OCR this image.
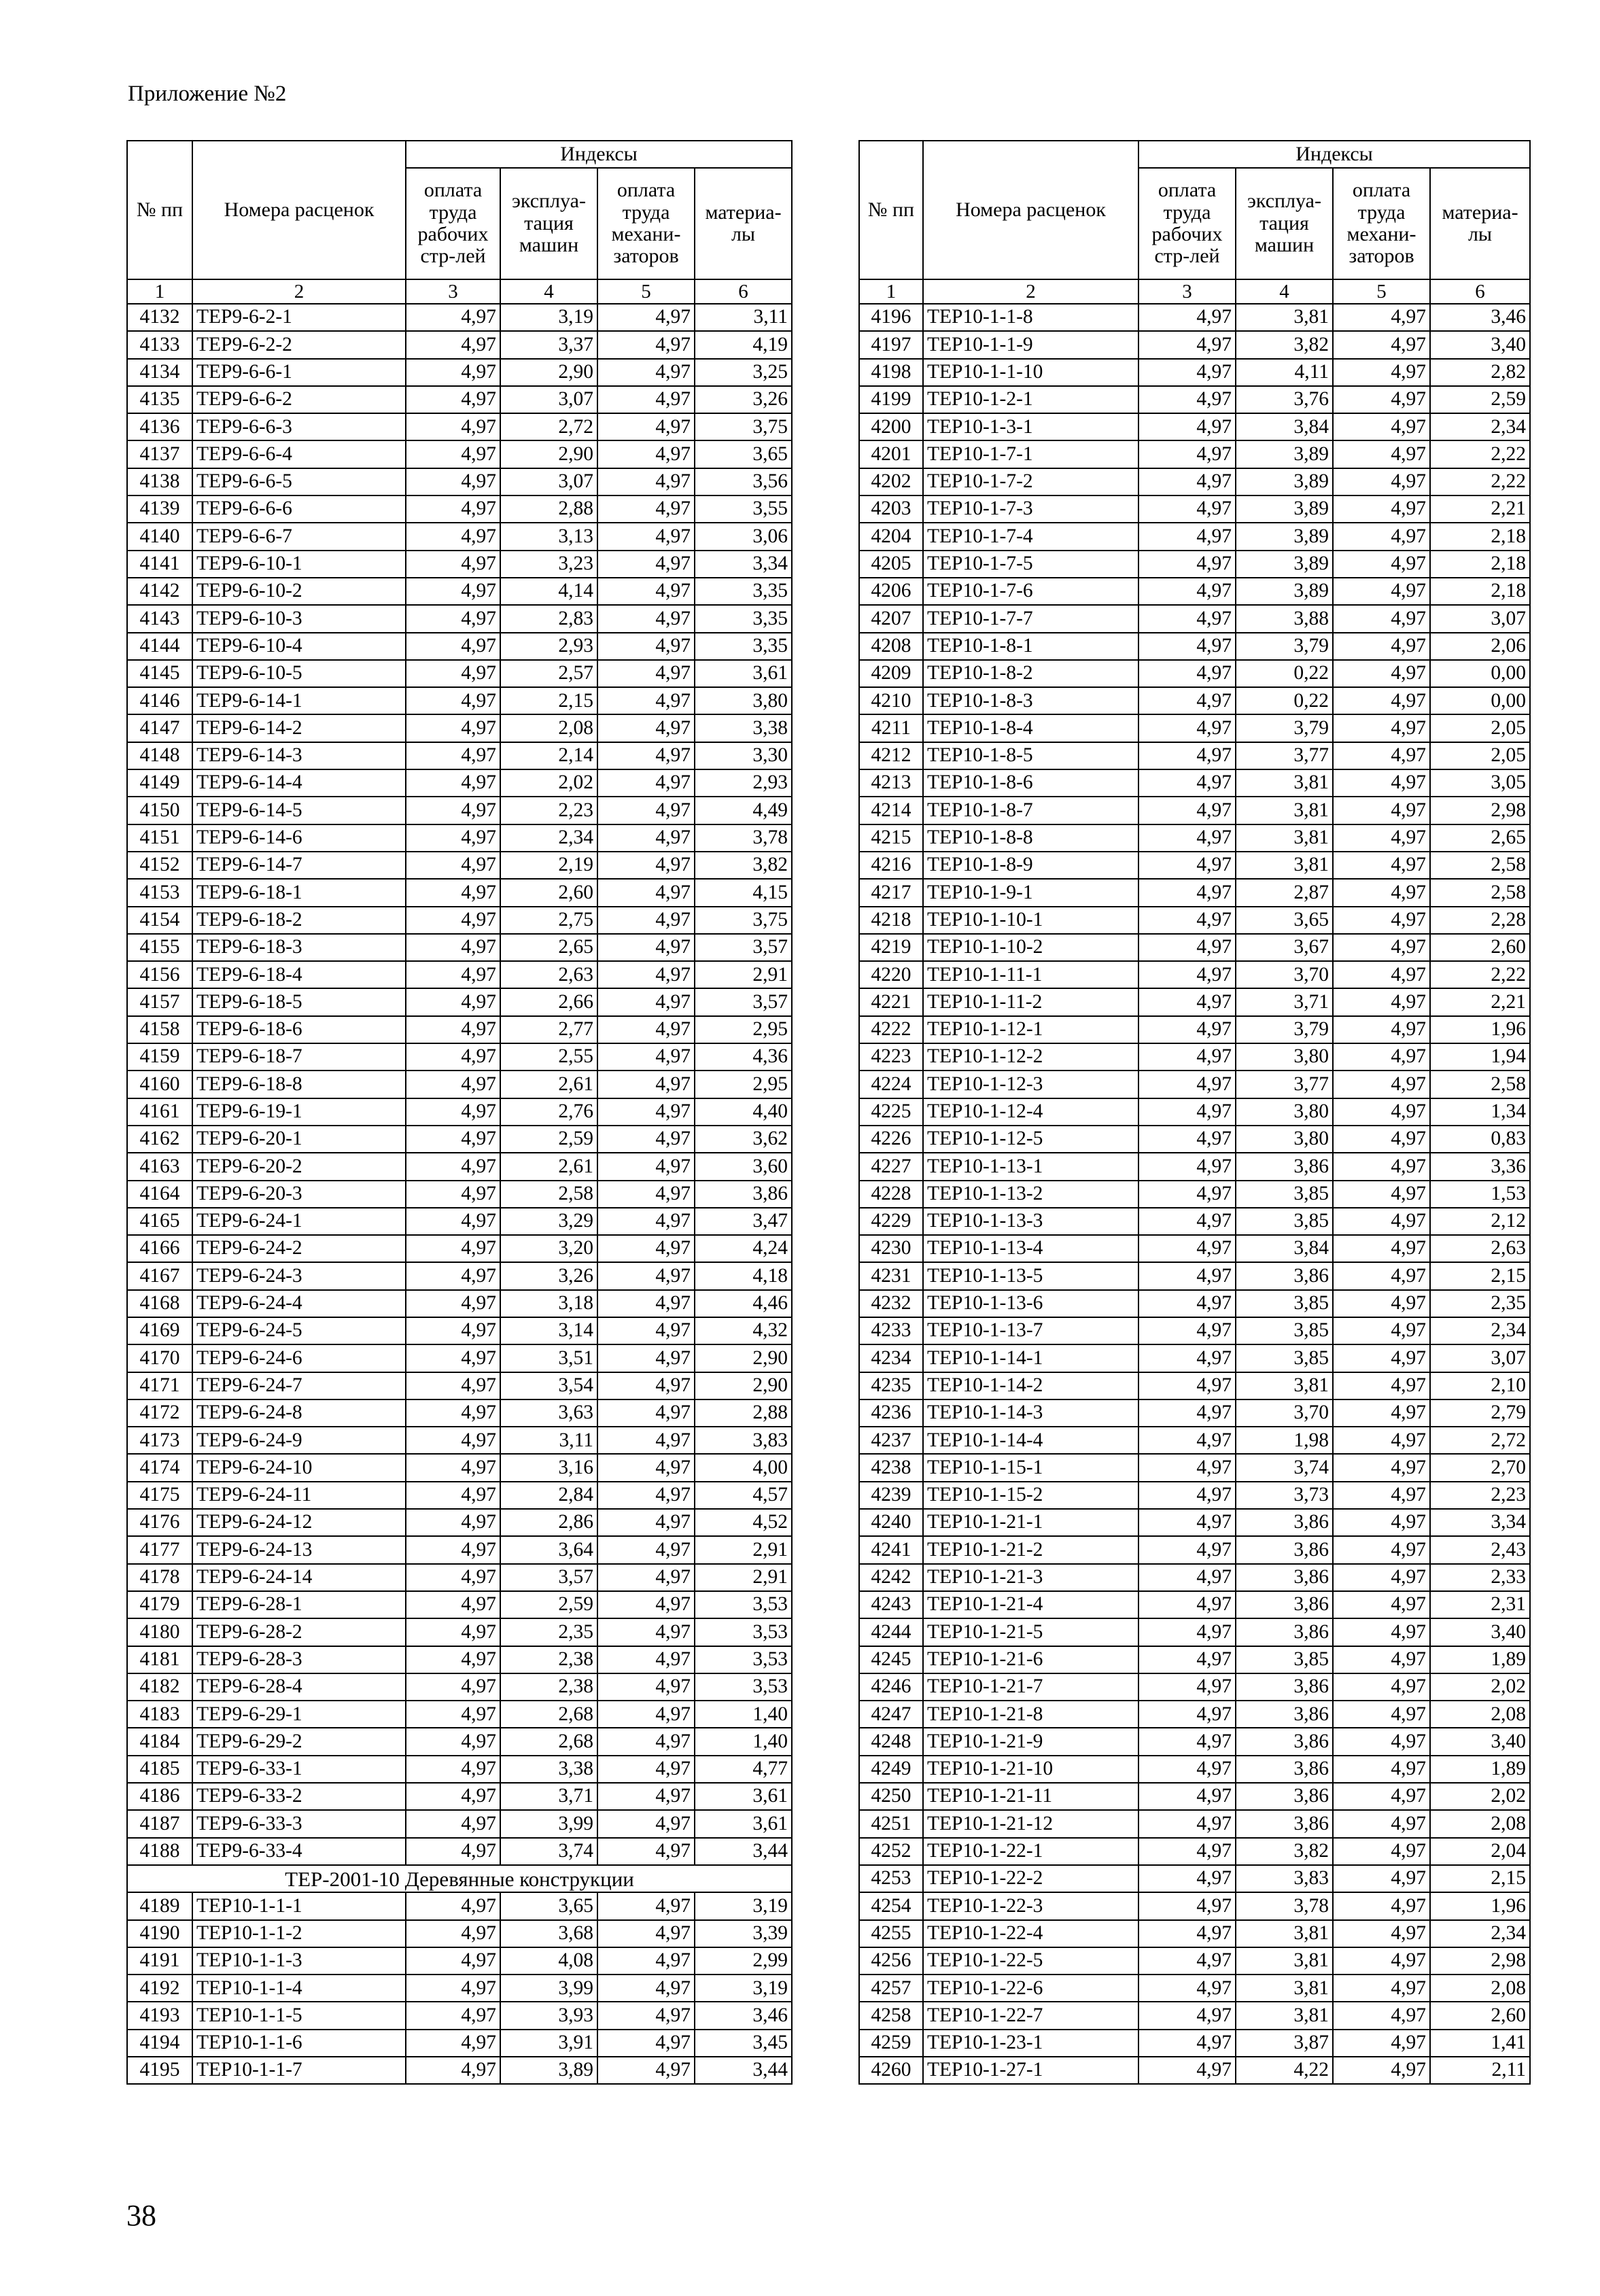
Приложение №2
№ пп	Номера расценок	Индексы			
		оплата труда рабочих стр-лей	эксплуа-тация машин	оплата труда механи-заторов	материа-лы
1	2	3	4	5	6
4132	ТЕР9-6-2-1	4,97	3,19	4,97	3,11
4133	ТЕР9-6-2-2	4,97	3,37	4,97	4,19
4134	ТЕР9-6-6-1	4,97	2,90	4,97	3,25
4135	ТЕР9-6-6-2	4,97	3,07	4,97	3,26
4136	ТЕР9-6-6-3	4,97	2,72	4,97	3,75
4137	ТЕР9-6-6-4	4,97	2,90	4,97	3,65
4138	ТЕР9-6-6-5	4,97	3,07	4,97	3,56
4139	ТЕР9-6-6-6	4,97	2,88	4,97	3,55
4140	ТЕР9-6-6-7	4,97	3,13	4,97	3,06
4141	ТЕР9-6-10-1	4,97	3,23	4,97	3,34
4142	ТЕР9-6-10-2	4,97	4,14	4,97	3,35
4143	ТЕР9-6-10-3	4,97	2,83	4,97	3,35
4144	ТЕР9-6-10-4	4,97	2,93	4,97	3,35
4145	ТЕР9-6-10-5	4,97	2,57	4,97	3,61
4146	ТЕР9-6-14-1	4,97	2,15	4,97	3,80
4147	ТЕР9-6-14-2	4,97	2,08	4,97	3,38
4148	ТЕР9-6-14-3	4,97	2,14	4,97	3,30
4149	ТЕР9-6-14-4	4,97	2,02	4,97	2,93
4150	ТЕР9-6-14-5	4,97	2,23	4,97	4,49
4151	ТЕР9-6-14-6	4,97	2,34	4,97	3,78
4152	ТЕР9-6-14-7	4,97	2,19	4,97	3,82
4153	ТЕР9-6-18-1	4,97	2,60	4,97	4,15
4154	ТЕР9-6-18-2	4,97	2,75	4,97	3,75
4155	ТЕР9-6-18-3	4,97	2,65	4,97	3,57
4156	ТЕР9-6-18-4	4,97	2,63	4,97	2,91
4157	ТЕР9-6-18-5	4,97	2,66	4,97	3,57
4158	ТЕР9-6-18-6	4,97	2,77	4,97	2,95
4159	ТЕР9-6-18-7	4,97	2,55	4,97	4,36
4160	ТЕР9-6-18-8	4,97	2,61	4,97	2,95
4161	ТЕР9-6-19-1	4,97	2,76	4,97	4,40
4162	ТЕР9-6-20-1	4,97	2,59	4,97	3,62
4163	ТЕР9-6-20-2	4,97	2,61	4,97	3,60
4164	ТЕР9-6-20-3	4,97	2,58	4,97	3,86
4165	ТЕР9-6-24-1	4,97	3,29	4,97	3,47
4166	ТЕР9-6-24-2	4,97	3,20	4,97	4,24
4167	ТЕР9-6-24-3	4,97	3,26	4,97	4,18
4168	ТЕР9-6-24-4	4,97	3,18	4,97	4,46
4169	ТЕР9-6-24-5	4,97	3,14	4,97	4,32
4170	ТЕР9-6-24-6	4,97	3,51	4,97	2,90
4171	ТЕР9-6-24-7	4,97	3,54	4,97	2,90
4172	ТЕР9-6-24-8	4,97	3,63	4,97	2,88
4173	ТЕР9-6-24-9	4,97	3,11	4,97	3,83
4174	ТЕР9-6-24-10	4,97	3,16	4,97	4,00
4175	ТЕР9-6-24-11	4,97	2,84	4,97	4,57
4176	ТЕР9-6-24-12	4,97	2,86	4,97	4,52
4177	ТЕР9-6-24-13	4,97	3,64	4,97	2,91
4178	ТЕР9-6-24-14	4,97	3,57	4,97	2,91
4179	ТЕР9-6-28-1	4,97	2,59	4,97	3,53
4180	ТЕР9-6-28-2	4,97	2,35	4,97	3,53
4181	ТЕР9-6-28-3	4,97	2,38	4,97	3,53
4182	ТЕР9-6-28-4	4,97	2,38	4,97	3,53
4183	ТЕР9-6-29-1	4,97	2,68	4,97	1,40
4184	ТЕР9-6-29-2	4,97	2,68	4,97	1,40
4185	ТЕР9-6-33-1	4,97	3,38	4,97	4,77
4186	ТЕР9-6-33-2	4,97	3,71	4,97	3,61
4187	ТЕР9-6-33-3	4,97	3,99	4,97	3,61
4188	ТЕР9-6-33-4	4,97	3,74	4,97	3,44
ТЕР-2001-10 Деревянные конструкции					
4189	ТЕР10-1-1-1	4,97	3,65	4,97	3,19
4190	ТЕР10-1-1-2	4,97	3,68	4,97	3,39
4191	ТЕР10-1-1-3	4,97	4,08	4,97	2,99
4192	ТЕР10-1-1-4	4,97	3,99	4,97	3,19
4193	ТЕР10-1-1-5	4,97	3,93	4,97	3,46
4194	ТЕР10-1-1-6	4,97	3,91	4,97	3,45
4195	ТЕР10-1-1-7	4,97	3,89	4,97	3,44
№ пп	Номера расценок	Индексы			
		оплата труда рабочих стр-лей	эксплуа-тация машин	оплата труда механи-заторов	материа-лы
1	2	3	4	5	6
4196	ТЕР10-1-1-8	4,97	3,81	4,97	3,46
4197	ТЕР10-1-1-9	4,97	3,82	4,97	3,40
4198	ТЕР10-1-1-10	4,97	4,11	4,97	2,82
4199	ТЕР10-1-2-1	4,97	3,76	4,97	2,59
4200	ТЕР10-1-3-1	4,97	3,84	4,97	2,34
4201	ТЕР10-1-7-1	4,97	3,89	4,97	2,22
4202	ТЕР10-1-7-2	4,97	3,89	4,97	2,22
4203	ТЕР10-1-7-3	4,97	3,89	4,97	2,21
4204	ТЕР10-1-7-4	4,97	3,89	4,97	2,18
4205	ТЕР10-1-7-5	4,97	3,89	4,97	2,18
4206	ТЕР10-1-7-6	4,97	3,89	4,97	2,18
4207	ТЕР10-1-7-7	4,97	3,88	4,97	3,07
4208	ТЕР10-1-8-1	4,97	3,79	4,97	2,06
4209	ТЕР10-1-8-2	4,97	0,22	4,97	0,00
4210	ТЕР10-1-8-3	4,97	0,22	4,97	0,00
4211	ТЕР10-1-8-4	4,97	3,79	4,97	2,05
4212	ТЕР10-1-8-5	4,97	3,77	4,97	2,05
4213	ТЕР10-1-8-6	4,97	3,81	4,97	3,05
4214	ТЕР10-1-8-7	4,97	3,81	4,97	2,98
4215	ТЕР10-1-8-8	4,97	3,81	4,97	2,65
4216	ТЕР10-1-8-9	4,97	3,81	4,97	2,58
4217	ТЕР10-1-9-1	4,97	2,87	4,97	2,58
4218	ТЕР10-1-10-1	4,97	3,65	4,97	2,28
4219	ТЕР10-1-10-2	4,97	3,67	4,97	2,60
4220	ТЕР10-1-11-1	4,97	3,70	4,97	2,22
4221	ТЕР10-1-11-2	4,97	3,71	4,97	2,21
4222	ТЕР10-1-12-1	4,97	3,79	4,97	1,96
4223	ТЕР10-1-12-2	4,97	3,80	4,97	1,94
4224	ТЕР10-1-12-3	4,97	3,77	4,97	2,58
4225	ТЕР10-1-12-4	4,97	3,80	4,97	1,34
4226	ТЕР10-1-12-5	4,97	3,80	4,97	0,83
4227	ТЕР10-1-13-1	4,97	3,86	4,97	3,36
4228	ТЕР10-1-13-2	4,97	3,85	4,97	1,53
4229	ТЕР10-1-13-3	4,97	3,85	4,97	2,12
4230	ТЕР10-1-13-4	4,97	3,84	4,97	2,63
4231	ТЕР10-1-13-5	4,97	3,86	4,97	2,15
4232	ТЕР10-1-13-6	4,97	3,85	4,97	2,35
4233	ТЕР10-1-13-7	4,97	3,85	4,97	2,34
4234	ТЕР10-1-14-1	4,97	3,85	4,97	3,07
4235	ТЕР10-1-14-2	4,97	3,81	4,97	2,10
4236	ТЕР10-1-14-3	4,97	3,70	4,97	2,79
4237	ТЕР10-1-14-4	4,97	1,98	4,97	2,72
4238	ТЕР10-1-15-1	4,97	3,74	4,97	2,70
4239	ТЕР10-1-15-2	4,97	3,73	4,97	2,23
4240	ТЕР10-1-21-1	4,97	3,86	4,97	3,34
4241	ТЕР10-1-21-2	4,97	3,86	4,97	2,43
4242	ТЕР10-1-21-3	4,97	3,86	4,97	2,33
4243	ТЕР10-1-21-4	4,97	3,86	4,97	2,31
4244	ТЕР10-1-21-5	4,97	3,86	4,97	3,40
4245	ТЕР10-1-21-6	4,97	3,85	4,97	1,89
4246	ТЕР10-1-21-7	4,97	3,86	4,97	2,02
4247	ТЕР10-1-21-8	4,97	3,86	4,97	2,08
4248	ТЕР10-1-21-9	4,97	3,86	4,97	3,40
4249	ТЕР10-1-21-10	4,97	3,86	4,97	1,89
4250	ТЕР10-1-21-11	4,97	3,86	4,97	2,02
4251	ТЕР10-1-21-12	4,97	3,86	4,97	2,08
4252	ТЕР10-1-22-1	4,97	3,82	4,97	2,04
4253	ТЕР10-1-22-2	4,97	3,83	4,97	2,15
4254	ТЕР10-1-22-3	4,97	3,78	4,97	1,96
4255	ТЕР10-1-22-4	4,97	3,81	4,97	2,34
4256	ТЕР10-1-22-5	4,97	3,81	4,97	2,98
4257	ТЕР10-1-22-6	4,97	3,81	4,97	2,08
4258	ТЕР10-1-22-7	4,97	3,81	4,97	2,60
4259	ТЕР10-1-23-1	4,97	3,87	4,97	1,41
4260	ТЕР10-1-27-1	4,97	4,22	4,97	2,11
38
